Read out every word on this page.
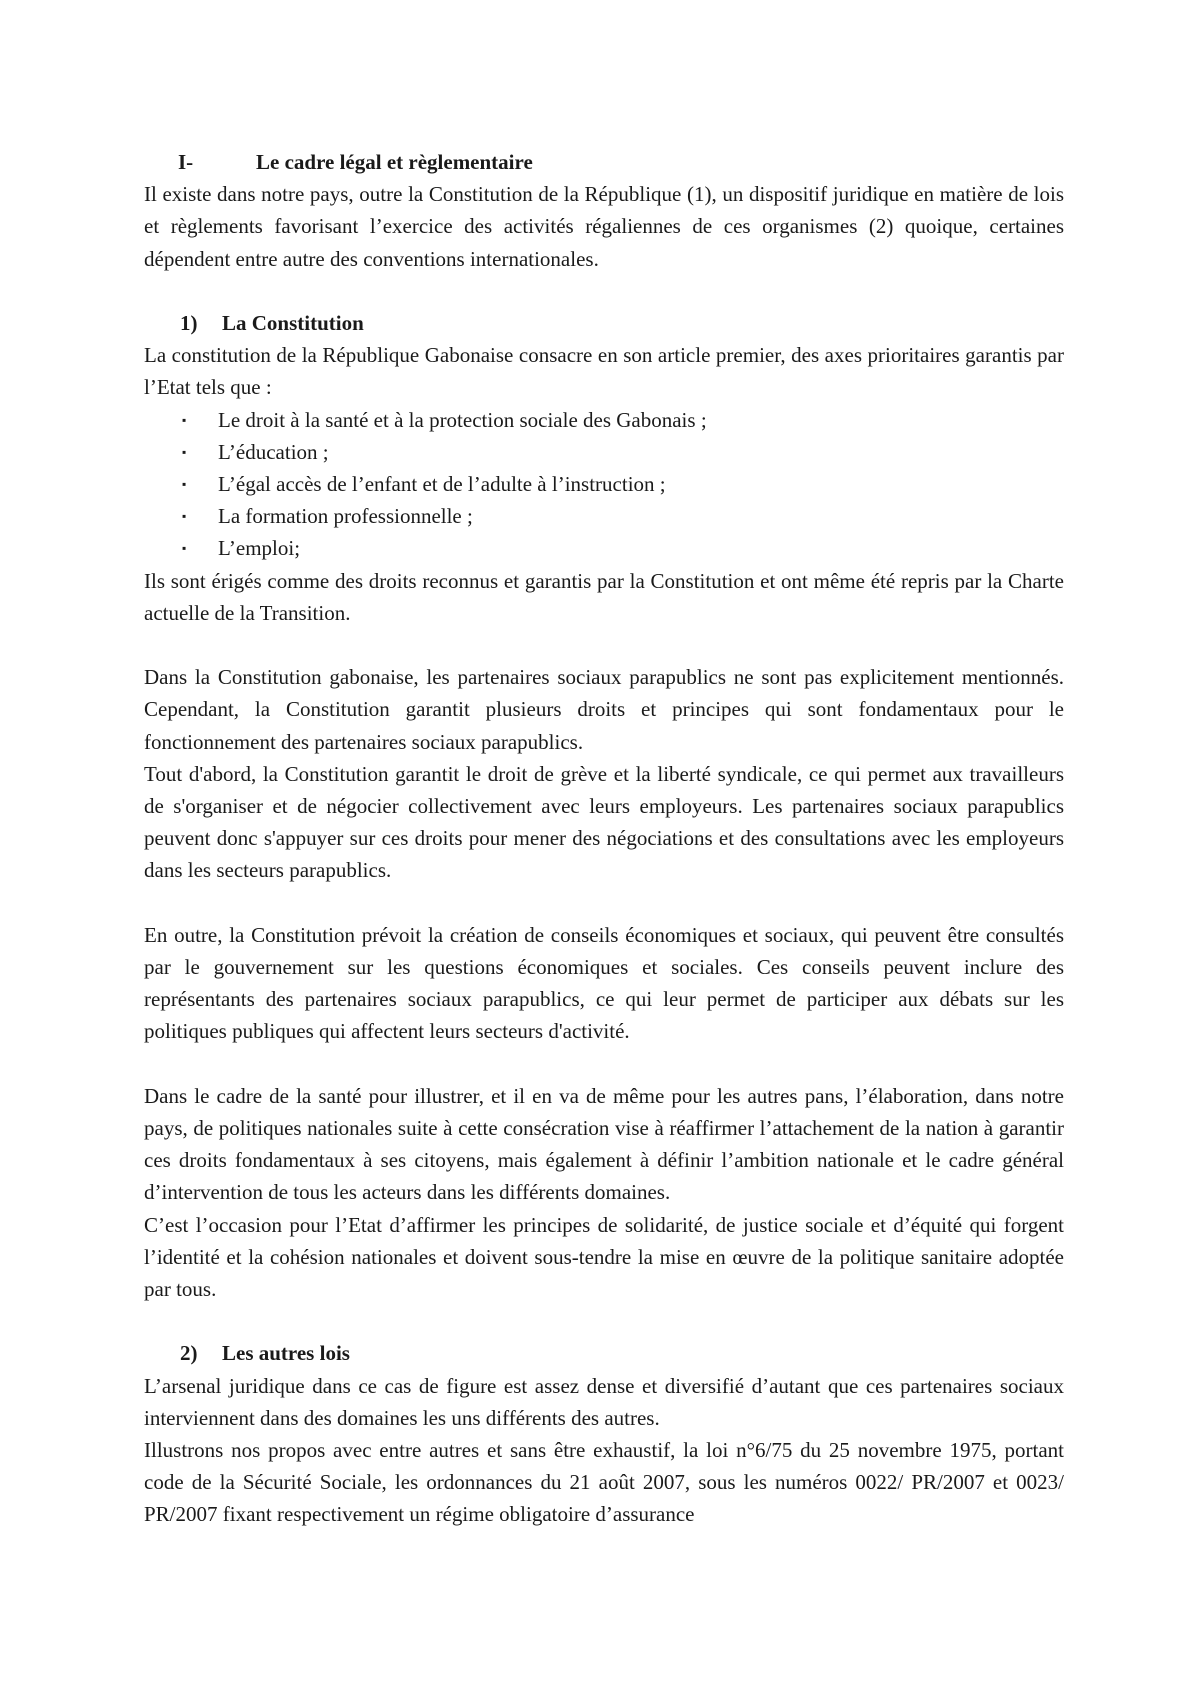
I-	Le cadre légal et règlementaire

Il existe dans notre pays, outre la Constitution de la République (1), un dispositif juridique en matière de lois et règlements favorisant l’exercice des activités régaliennes de ces organismes (2) quoique, certaines dépendent entre autre des conventions internationales.

1)	La Constitution

La constitution de la République Gabonaise consacre en son article premier, des axes prioritaires garantis par l’Etat tels que :

▪	Le droit à la santé et à la protection sociale des Gabonais ;
▪	L’éducation ;
▪	L’égal accès de l’enfant et de l’adulte à l’instruction ;
▪	La formation professionnelle ;
▪	L’emploi;

Ils sont érigés comme des droits reconnus et garantis par la Constitution et ont même été repris par la Charte actuelle de la Transition.

Dans la Constitution gabonaise, les partenaires sociaux parapublics ne sont pas explicitement mentionnés. Cependant, la Constitution garantit plusieurs droits et principes qui sont fondamentaux pour le fonctionnement des partenaires sociaux parapublics.

Tout d'abord, la Constitution garantit le droit de grève et la liberté syndicale, ce qui permet aux travailleurs de s'organiser et de négocier collectivement avec leurs employeurs. Les partenaires sociaux parapublics peuvent donc s'appuyer sur ces droits pour mener des négociations et des consultations avec les employeurs dans les secteurs parapublics.

En outre, la Constitution prévoit la création de conseils économiques et sociaux, qui peuvent être consultés par le gouvernement sur les questions économiques et sociales. Ces conseils peuvent inclure des représentants des partenaires sociaux parapublics, ce qui leur permet de participer aux débats sur les politiques publiques qui affectent leurs secteurs d'activité.

Dans le cadre de la santé pour illustrer, et il en va de même pour les autres pans, l’élaboration, dans notre pays, de politiques nationales suite à cette consécration vise à réaffirmer l’attachement de la nation à garantir ces droits fondamentaux à ses citoyens, mais également à définir l’ambition nationale et le cadre général d’intervention de tous les acteurs dans les différents domaines.

C’est l’occasion pour l’Etat d’affirmer les principes de solidarité, de justice sociale et d’équité qui forgent l’identité et la cohésion nationales et doivent sous-tendre la mise en œuvre de la politique sanitaire adoptée par tous.

2)	Les autres lois

L’arsenal juridique dans ce cas de figure est assez dense et diversifié d’autant que ces partenaires sociaux interviennent dans des domaines les uns différents des autres.

Illustrons nos propos avec entre autres et sans être exhaustif, la loi n°6/75 du 25 novembre 1975, portant code de la Sécurité Sociale, les ordonnances du 21 août 2007, sous les numéros 0022/ PR/2007 et 0023/ PR/2007 fixant respectivement un régime obligatoire d’assurance
